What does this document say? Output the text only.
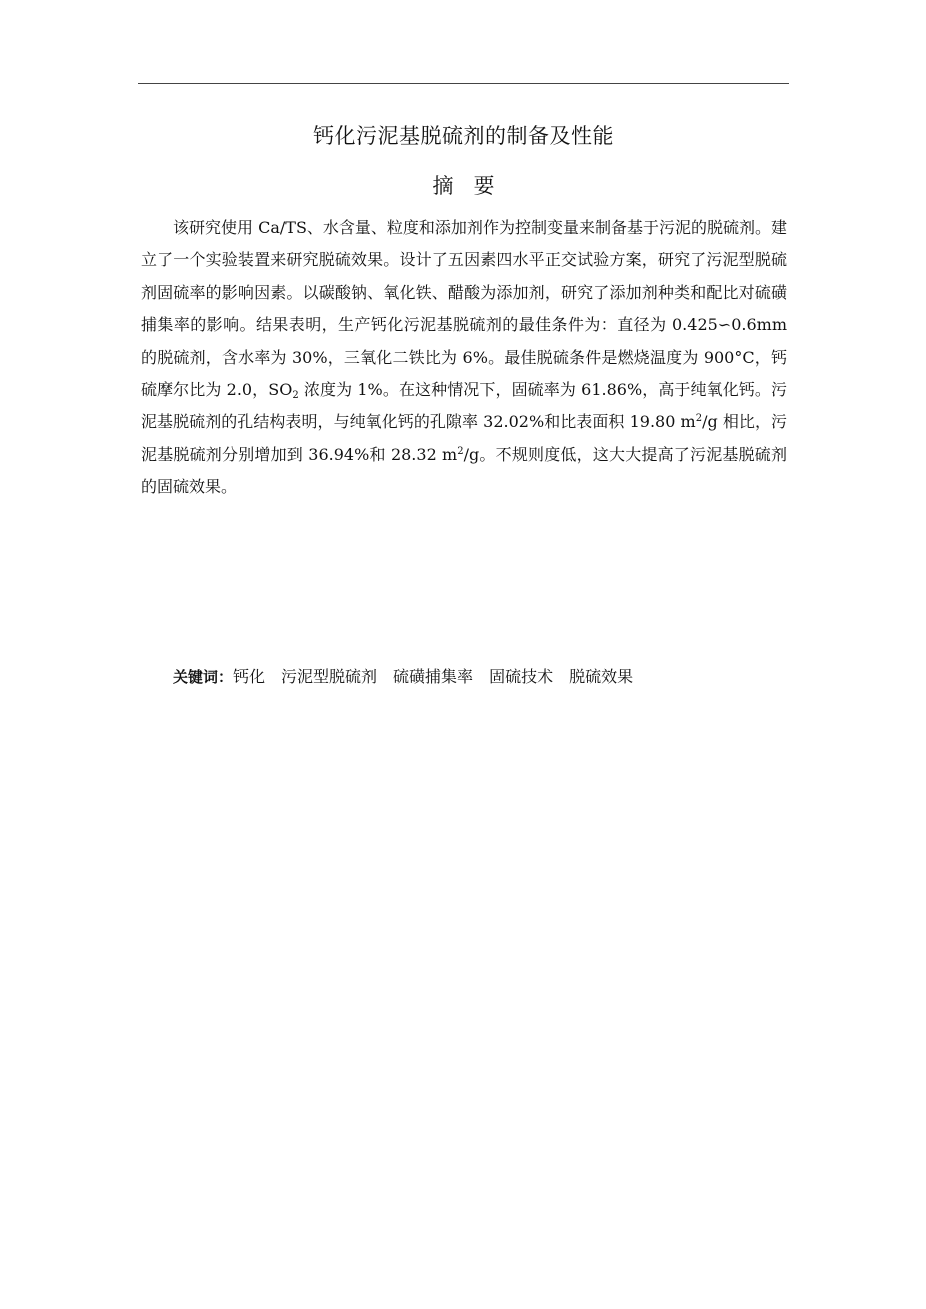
钙化污泥基脱硫剂的制备及性能
摘要

该研究使用 Ca/TS、水含量、粒度和添加剂作为控制变量来制备基于污泥的脱硫剂。建立了一个实验装置来研究脱硫效果。设计了五因素四水平正交试验方案，研究了污泥型脱硫剂固硫率的影响因素。以碳酸钠、氧化铁、醋酸为添加剂，研究了添加剂种类和配比对硫磺捕集率的影响。结果表明，生产钙化污泥基脱硫剂的最佳条件为：直径为 0.425∽0.6mm 的脱硫剂，含水率为 30%，三氧化二铁比为 6%。最佳脱硫条件是燃烧温度为 900°C，钙硫摩尔比为 2.0，$SO_2$ 浓度为 1%。在这种情况下，固硫率为 61.86%，高于纯氧化钙。污泥基脱硫剂的孔结构表明，与纯氧化钙的孔隙率 32.02%和比表面积 19.80 $m^2/g$ 相比，污泥基脱硫剂分别增加到 36.94%和 28.32 $m^2/g$。不规则度低，这大大提高了污泥基脱硫剂的固硫效果。

关键词：钙化 污泥型脱硫剂 硫磺捕集率 固硫技术 脱硫效果
